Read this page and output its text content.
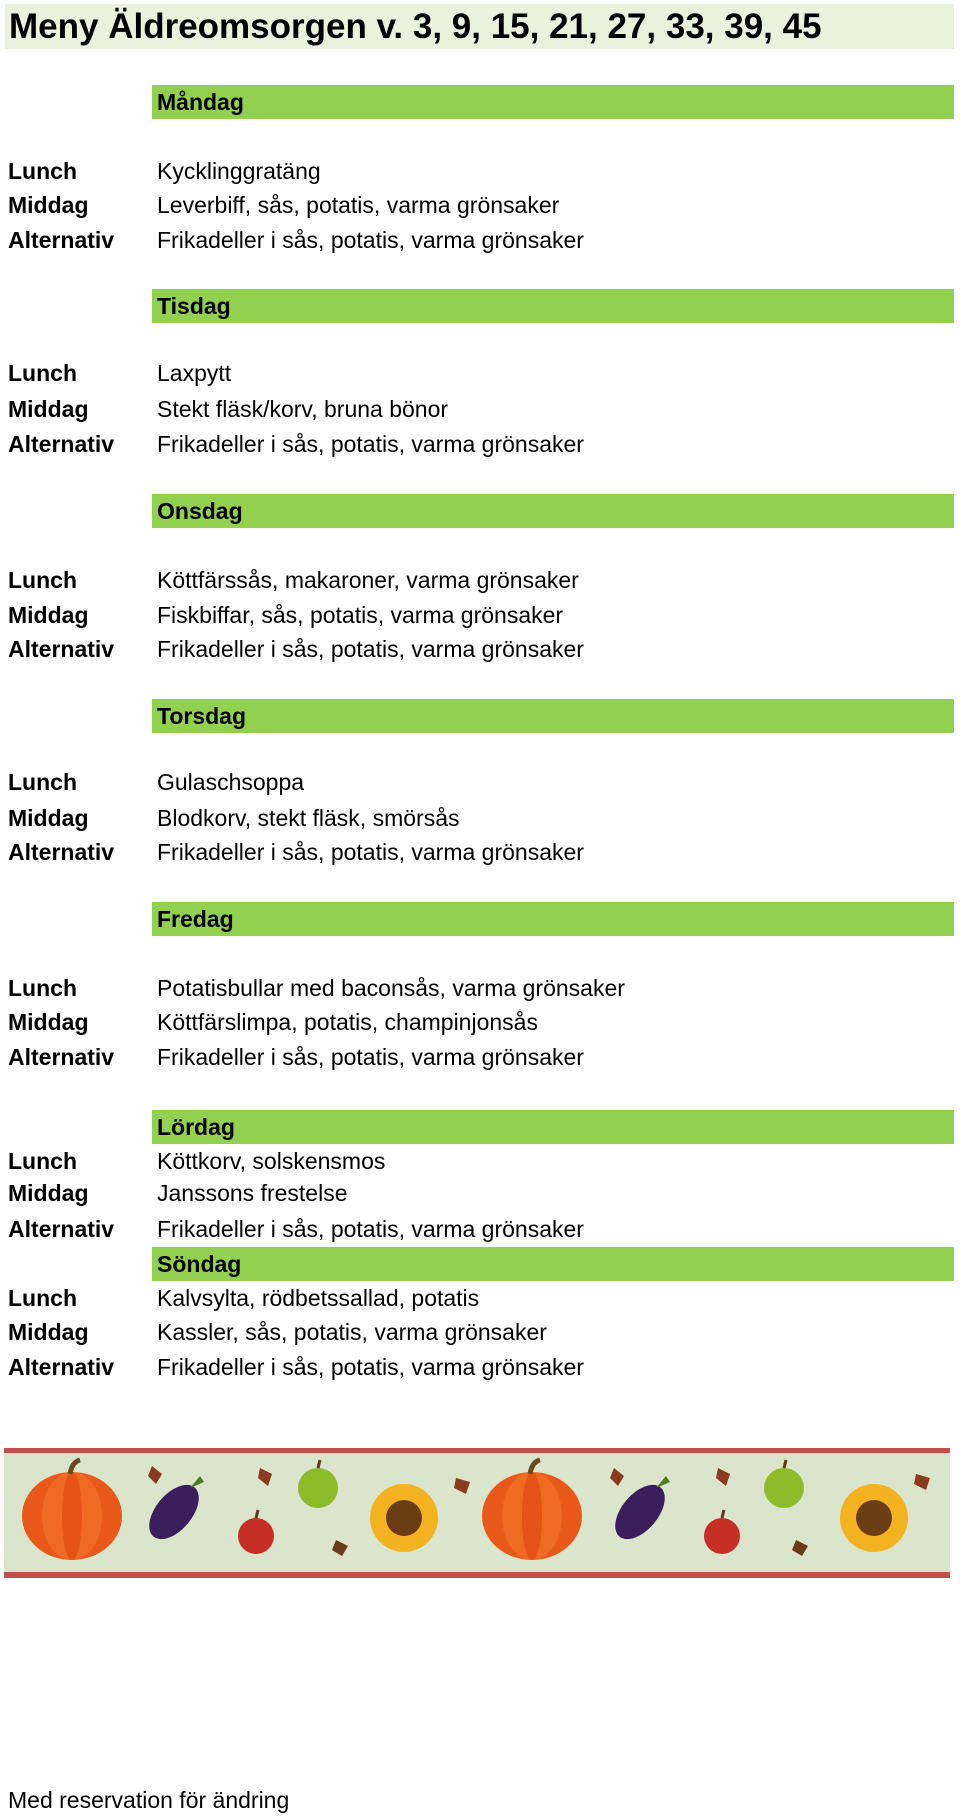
Meny Äldreomsorgen v. 3, 9, 15, 21, 27, 33, 39, 45
Måndag
Lunch	Kycklinggratäng
Middag	Leverbiff, sås, potatis, varma grönsaker
Alternativ Frikadeller i sås, potatis, varma grönsaker
Tisdag
Lunch	Laxpytt
Middag	Stekt fläsk/korv, bruna bönor
Alternativ Frikadeller i sås, potatis, varma grönsaker
Onsdag
Lunch	Köttfärssås, makaroner, varma grönsaker
Middag	Fiskbiffar, sås, potatis, varma grönsaker
Alternativ Frikadeller i sås, potatis, varma grönsaker
Torsdag
Lunch	Gulaschsoppa
Middag	Blodkorv, stekt fläsk, smörsås
Alternativ Frikadeller i sås, potatis, varma grönsaker
Fredag
Lunch	Potatisbullar med baconsås, varma grönsaker
Middag	Köttfärslimpa, potatis, champinjonsås
Alternativ Frikadeller i sås, potatis, varma grönsaker
Lördag
Lunch	Köttkorv, solskensmos
Middag	Janssons frestelse
Alternativ Frikadeller i sås, potatis, varma grönsaker
Söndag
Lunch	Kalvsylta, rödbetssallad, potatis
Middag	Kassler, sås, potatis, varma grönsaker
Alternativ Frikadeller i sås, potatis, varma grönsaker
Med reservation för ändring
